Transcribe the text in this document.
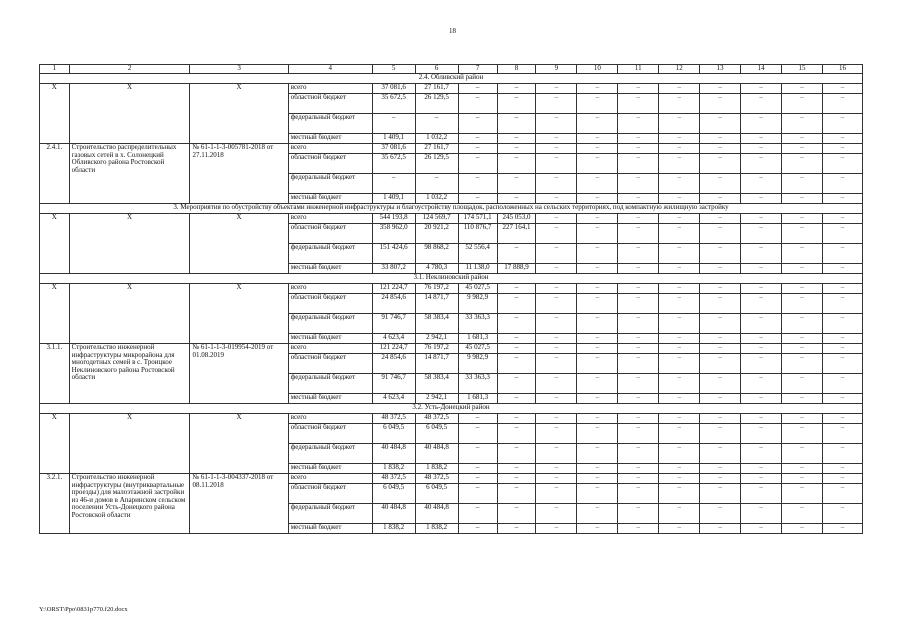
18
1	2	3	4	5	6	7	8	9	10	11	12	13	14	15	16
2.4. Обливский район															
Х	Х	Х	всего	37 081,6	27 161,7	–	–	–	–	–	–	–	–	–	–
			областной бюджет	35 672,5	26 129,5	–	–	–	–	–	–	–	–	–	–
			федеральный бюджет	–	–	–	–	–	–	–	–	–	–	–	–
			местный бюджет	1 409,1	1 032,2	–	–	–	–	–	–	–	–	–	–
2.4.1.	Строительство распределительных газовых сетей в х. Солонецкий Обливского района Ростовской области	№ 61-1-1-3-005781-2018 от 27.11.2018	всего	37 081,6	27 161,7	–	–	–	–	–	–	–	–	–	–
			областной бюджет	35 672,5	26 129,5	–	–	–	–	–	–	–	–	–	–
			федеральный бюджет	–	–	–	–	–	–	–	–	–	–	–	–
			местный бюджет	1 409,1	1 032,2	–	–	–	–	–	–	–	–	–	–
3. Мероприятия по обустройству объектами инженерной инфраструктуры и благоустройству площадок, расположенных на сельских территориях, под компактную жилищную застройку															
Х	Х	Х	всего	544 193,8	124 569,7	174 571,1	245 053,0	–	–	–	–	–	–	–	–
			областной бюджет	358 962,0	20 921,2	110 876,7	227 164,1	–	–	–	–	–	–	–	–
			федеральный бюджет	151 424,6	98 868,2	52 556,4	–	–	–	–	–	–	–	–	–
			местный бюджет	33 807,2	4 780,3	11 138,0	17 888,9	–	–	–	–	–	–	–	–
3.1. Неклиновский район															
Х	Х	Х	всего	121 224,7	76 197,2	45 027,5	–	–	–	–	–	–	–	–	–
			областной бюджет	24 854,6	14 871,7	9 982,9	–	–	–	–	–	–	–	–	–
			федеральный бюджет	91 746,7	58 383,4	33 363,3	–	–	–	–	–	–	–	–	–
			местный бюджет	4 623,4	2 942,1	1 681,3	–	–	–	–	–	–	–	–	–
3.1.1.	Строительство инженерной инфраструктуры микрорайона для многодетных семей в с. Троицкое Неклиновского района Ростовской области	№ 61-1-1-3-019954-2019 от 01.08.2019	всего	121 224,7	76 197,2	45 027,5	–	–	–	–	–	–	–	–	–
			областной бюджет	24 854,6	14 871,7	9 982,9	–	–	–	–	–	–	–	–	–
			федеральный бюджет	91 746,7	58 383,4	33 363,3	–	–	–	–	–	–	–	–	–
			местный бюджет	4 623,4	2 942,1	1 681,3	–	–	–	–	–	–	–	–	–
3.2. Усть-Донецкий район															
Х	Х	Х	всего	48 372,5	48 372,5	–	–	–	–	–	–	–	–	–	–
			областной бюджет	6 049,5	6 049,5	–	–	–	–	–	–	–	–	–	–
			федеральный бюджет	40 484,8	40 484,8	–	–	–	–	–	–	–	–	–	–
			местный бюджет	1 838,2	1 838,2	–	–	–	–	–	–	–	–	–	–
3.2.1.	Строительство инженерной инфраструктуры (внутриквартальные проезды) для малоэтажной застройки из 46-и домов в Апаринском сельском поселении Усть-Донецкого района Ростовской области	№ 61-1-1-3-004337-2018 от 08.11.2018	всего	48 372,5	48 372,5	–	–	–	–	–	–	–	–	–	–
			областной бюджет	6 049,5	6 049,5	–	–	–	–	–	–	–	–	–	–
			федеральный бюджет	40 484,8	40 484,8	–	–	–	–	–	–	–	–	–	–
			местный бюджет	1 838,2	1 838,2	–	–	–	–	–	–	–	–	–	–
Y:\ORST\Ppo\0831p770.f20.docx
